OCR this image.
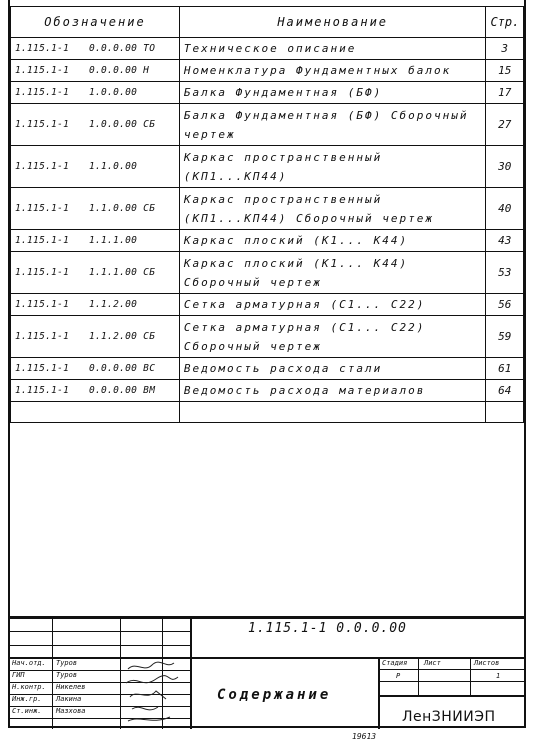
Обозначение	Наименование	Стр.
1.115.1-1 0.0.0.00 ТО	Техническое описание	3
1.115.1-1 0.0.0.00 Н	Номенклатура Фундаментных балок	15
1.115.1-1 1.0.0.00	Балка Фундаментная (БФ)	17
1.115.1-1 1.0.0.00 СБ	Балка Фундаментная (БФ) Сборочный чертеж	27
1.115.1-1 1.1.0.00	Каркас пространственный (КП1...КП44)	30
1.115.1-1 1.1.0.00 СБ	Каркас пространственный (КП1...КП44) Сборочный чертеж	40
1.115.1-1 1.1.1.00	Каркас плоский (К1... К44)	43
1.115.1-1 1.1.1.00 СБ	Каркас плоский (К1... К44) Сборочный чертеж	53
1.115.1-1 1.1.2.00	Сетка арматурная (С1... С22)	56
1.115.1-1 1.1.2.00 СБ	Сетка арматурная (С1... С22) Сборочный чертеж	59
1.115.1-1 0.0.0.00 ВС	Ведомость расхода стали	61
1.115.1-1 0.0.0.00 ВМ	Ведомость расхода материалов	64

1.115.1-1 0.0.0.00
Содержание
ЛенЗНИИЭП
Стадия Лист	Листов
Р	1
Нач.отд. Туров
ГИП	Туров
Н.контр. Никелев
Инж.гр. Лакина
Ст.инж. Мазхова
19613
